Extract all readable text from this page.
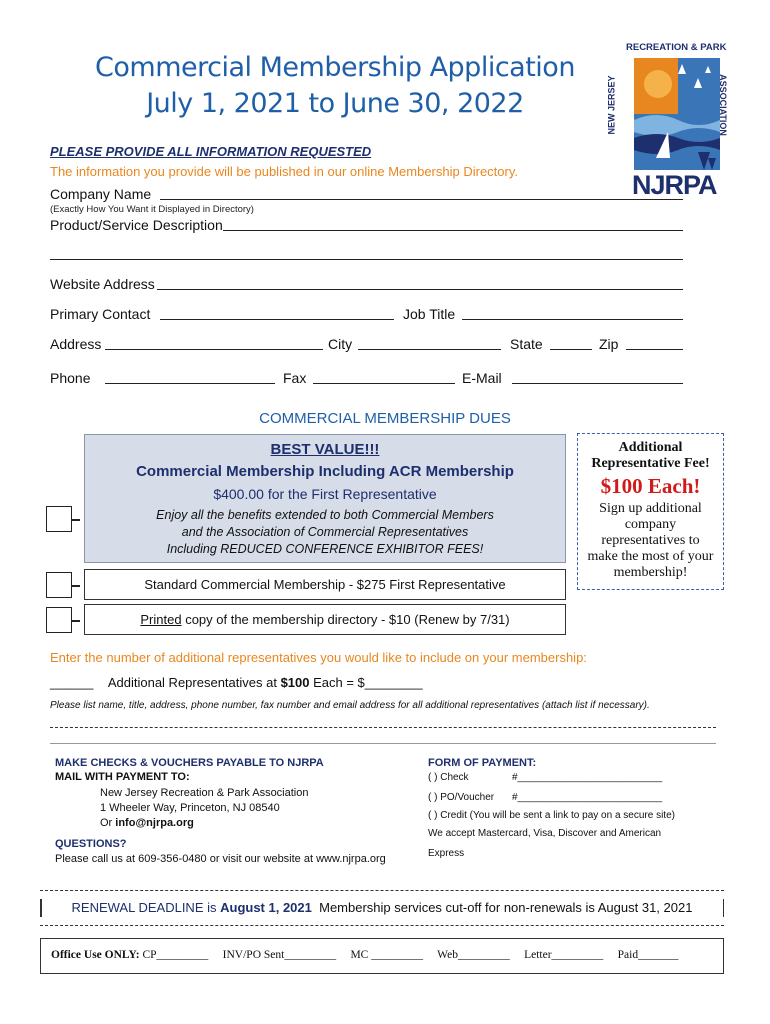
Commercial Membership Application
July 1, 2021 to June 30, 2022
RECREATION & PARK
NEW JERSEY	ASSOCIATION
NJRPA
PLEASE PROVIDE ALL INFORMATION REQUESTED
The information you provide will be published in our online Membership Directory.
Company Name
(Exactly How You Want it Displayed in Directory)
Product/Service Description
Website Address
Primary Contact	Job Title
Address	City	State	Zip
Phone	Fax	E-Mail
COMMERCIAL MEMBERSHIP DUES
BEST VALUE!!!
Commercial Membership Including ACR Membership
$400.00 for the First Representative
Enjoy all the benefits extended to both Commercial Members
and the Association of Commercial Representatives
Including REDUCED CONFERENCE EXHIBITOR FEES!
Standard Commercial Membership - $275 First Representative
Printed copy of the membership directory - $10 (Renew by 7/31)
Additional
Representative Fee!
$100 Each!
Sign up additional
company
representatives to
make the most of your
membership!
Enter the number of additional representatives you would like to include on your membership:
______ Additional Representatives at $100 Each = $________
Please list name, title, address, phone number, fax number and email address for all additional representatives (attach list if necessary).
MAKE CHECKS & VOUCHERS PAYABLE TO NJRPA
MAIL WITH PAYMENT TO:
New Jersey Recreation & Park Association
1 Wheeler Way, Princeton, NJ 08540
Or info@njrpa.org
QUESTIONS?
Please call us at 609-356-0480 or visit our website at www.njrpa.org
FORM OF PAYMENT:
( ) Check	#__________________________
( ) PO/Voucher #__________________________
( ) Credit (You will be sent a link to pay on a secure site)
We accept Mastercard, Visa, Discover and American
Express
RENEWAL DEADLINE is August 1, 2021 Membership services cut-off for non-renewals is August 31, 2021
Office Use ONLY: CP_________ INV/PO Sent_________ MC _________ Web_________ Letter_________ Paid_______
